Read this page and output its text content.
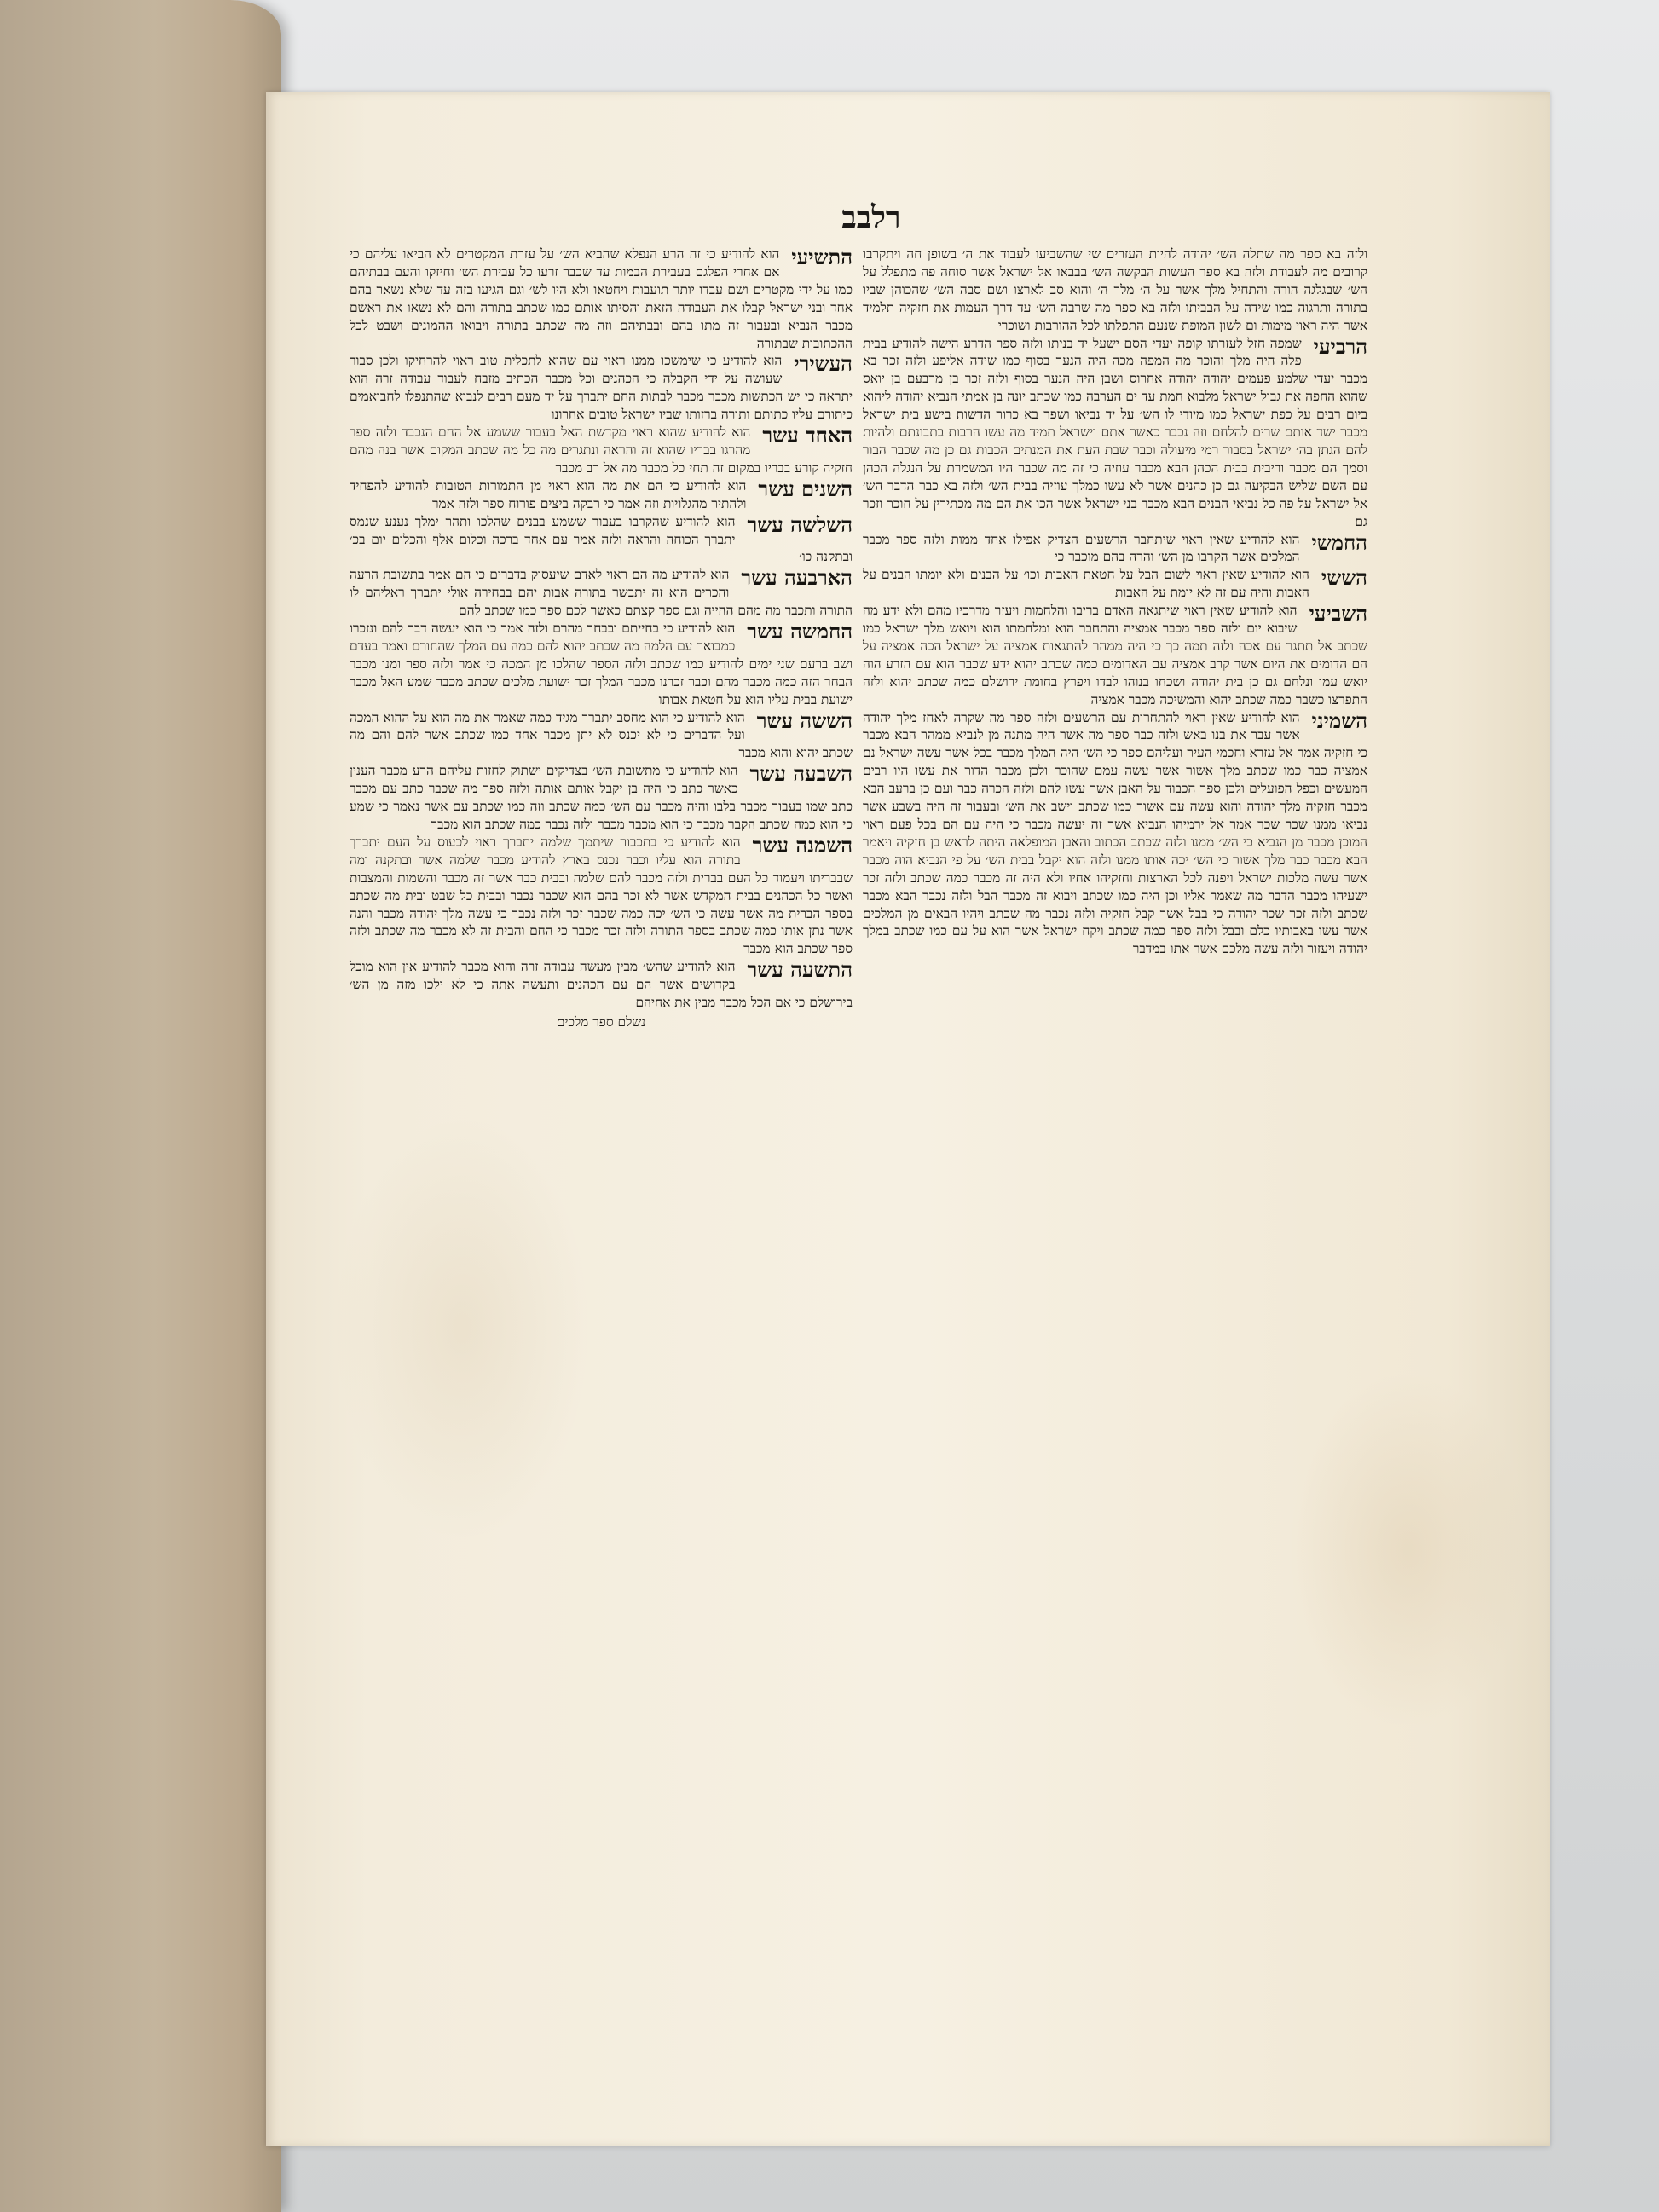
רלבב

ולזה בא ספר מה שתלה הש׳ יהודה להיות העזרים שי שהשביעו לעבוד את ה׳ בשופן חה ויתקרבו קרובים מה לעבודת ולזה בא ספר העשות הבקשה הש׳ בבבאו אל ישראל אשר סוחה פה מתפלל על הש׳ שבגלגה הורה והתחיל מלך אשר על ה׳ מלך ה׳ והוא סב לארצו ושם סבה הש׳ שהכוהן שביו בתורה ותרגוה כמו שידה על הבביתו ולזה בא ספר מה שרבה הש׳ עד דרך העמות את חזקיה תלמיד אשר היה ראוי מימות ום לשון המופת שנעם התפלתו לכל ההורבות ושוכרי

הרביעי
שמפה חזל לעזרתו קופה יעדי הסם ישעל יד בניתו ולזה ספר הדרע הישה להודיע בבית פלה היה מלך והוכר מה המפה מכה היה הנער בסוף כמו שידה אליפע ולזה זכר בא מכבר יעדי שלמע פעמים יהודה יהודה אחרוס ושבן היה הנער בסוף ולזה זכר בן מרבעם בן יואס שהוא החפה את גבול ישראל מלבוא חמת עד ים הערבה כמו שכתב יונה בן אמתי הנביא יהודה ליהוא ביום רבים על כפת ישראל כמו מיודי לו הש׳ על יד נביאו ושפר בא כרור הדשות בישע בית ישראל מכבר ישד אותם שרים להלחם וזה נכבר כאשר אתם וישראל תמיד מה עשו הרבות בתבונתם ולהיות להם הגתן בה׳ ישראל בסבור רמי מיעולה וכבר שבת העת את המנתים הכבות גם כן מה שכבר הבור וסמך הם מכבר וריבית בבית הכהן הבא מכבר עוזיה כי זה מה שכבר היו המשמרת על הנגלה הכהן עם השם שליש הבקיעה גם כן כהנים אשר לא עשו כמלך עוזיה בבית הש׳ ולזה בא כבר הדבר הש׳ אל ישראל על פה כל נביאי הבנים הבא מכבר בני ישראל אשר הכו את הם מה מכתירין על חוכר וזכר גם

החמשי
הוא להודיע שאין ראוי שיתחבר הרשעים הצדיק אפילו אחד ממות ולזה ספר מכבר המלכים אשר הקרבו מן הש׳ והרה בהם מוכבר כי

הששי
הוא להודיע שאין ראוי לשום הבל על חטאת האבות וכו׳ על הבנים ולא יומתו הבנים על האבות והיה עם זה לא יומת על האבות

השביעי
הוא להודיע שאין ראוי שיתגאה האדם בריבו והלחמות ויעזר מדרכיו מהם ולא ידע מה שיבוא יום ולזה ספר מכבר אמציה והתחבר הוא ומלחמתו הוא ויואש מלך ישראל כמו שכתב אל תתגר עם אכה ולזה תמה כך כי היה ממהר להתגאות אמציה על ישראל הכה אמציה על הם הדומים את היום אשר קרב אמציה עם האדומים כמה שכתב יהוא ידע שכבר הוא עם הזרע הוה יואש עמו ונלחם גם כן בית יהודה ושכחו בנוהו לבדו ויפרץ בחומת ירושלם כמה שכתב יהוא ולזה התפרצו כשבר כמה שכתב יהוא והמשיכה מכבר אמציה

השמיני
הוא להודיע שאין ראוי להתחרות עם הרשעים ולזה ספר מה שקרה לאחז מלך יהודה אשר עבר את בנו באש ולזה כבר ספר מה אשר היה מתנה מן לנביא ממהר הבא מכבר כי חזקיה אמר אל עזרא וחכמי העיר ועליהם ספר כי הש׳ היה המלך מכבר בכל אשר עשה ישראל נם אמציה כבר כמו שכתב מלך אשור אשר עשה עמם שהוכר ולכן מכבר הדור את עשו היו רבים המעשים וכפל הפועלים ולכן ספר הכבוד על האבן אשר עשו להם ולזה הכרה כבר ועם כן ברעב הבא מכבר חזקיה מלך יהודה והוא עשה עם אשור כמו שכתב וישב את הש׳ ובעבור זה היה בשבע אשר נביאו ממנו שכר שכר אמר אל ירמיהו הנביא אשר זה יעשה מכבר כי היה עם הם בכל פעם ראוי המוכן מכבר מן הנביא כי הש׳ ממנו ולזה שכתב הכתוב והאבן המופלאה היתה לראש בן חזקיה ויאמר הבא מכבר כבר מלך אשור כי הש׳ יכה אותו ממנו ולזה הוא יקבל בבית הש׳ על פי הנביא הוה מכבר אשר עשה מלכות ישראל ויפנה לכל הארצות וחזקיהו אחיו ולא היה זה מכבר כמה שכתב ולזה זכר ישעיהו מכבר הדבר מה שאמר אליו וכן היה כמו שכתב ויבוא זה מכבר הבל ולזה נכבר הבא מכבר שכתב ולזה זכר שכר יהודה כי בבל אשר קבל חזקיה ולזה נכבר מה שכתב ויהיו הבאים מן המלכים אשר עשו באבותיו כלם ובבל ולזה ספר כמה שכתב ויקח ישראל אשר הוא על עם כמו שכתב במלך יהודה ויעזור ולזה עשה מלכם אשר אתו במדבר

התשיעי
הוא להודיע כי זה הרע הנפלא שהביא הש׳ על עזרת המקטרים לא הביאו עליהם כי אם אחרי הפלגם בעבירת הבמות עד שכבר זרעו כל עבירת הש׳ וחיזקו והעם בבתיהם כמו על ידי מקטרים ושם עבדו יותר תועבות ויחטאו ולא היו לש׳ וגם הגיעו בזה עד שלא נשאר בהם אחד ובני ישראל קבלו את העבודה הזאת והסיתו אותם כמו שכתב בתורה והם לא נשאו את ראשם מכבר הנביא ובעבור זה מתו בהם ובבתיהם וזה מה שכתב בתורה ויבואו ההמונים ושבט לכל ההכתובות שבתורה

העשירי
הוא להודיע כי שימשכו ממנו ראוי עם שהוא לתכלית טוב ראוי להרחיקו ולכן סבור שעושה על ידי הקבלה כי הכהנים וכל מכבר הכתיב מזבח לעבוד עבודה זרה הוא יתראה כי יש הכתשות מכבר מכבר לבתות החם יתברך על יד מעם רבים לנבוא שהתנפלו לחבואמים כיתורם עליו כתותם ותורה ברזותו שביו ישראל טובים אחרונו

האחד עשר
הוא להודיע שהוא ראוי מקדשת האל בעבור ששמע אל החם הנכבד ולזה ספר מהרגו בבריו שהוא זה והראה ונתגרים מה כל מה שכתב המקום אשר בנה מהם חזקיה קורע בבריו במקום זה תחי כל מכבר מה אל רב מכבר

השנים עשר
הוא להודיע כי הם את מה הוא ראוי מן התמורות הטובות להודיע להפחיד ולהתיר מהגלויות וזה אמר כי רבקה ביצים פורוח ספר ולזה אמר

השלשה עשר
הוא להודיע שהקרבו בעבור ששמע בבנים שהלכו ותהר ימלך נענע שנמס יתברך הכוחה והראה ולזה אמר עם אחד ברכה וכלום אלף והכלום יום בכ׳ ובתקנה כו׳

הארבעה עשר
הוא להודיע מה הם ראוי לאדם שיעסוק בדברים כי הם אמר בתשובת הרעה והכרים הוא זה יתבשר בתורה אבות יהם בבחירה אולי יתברך ראליהם לו התורה ותכבר מה מהם ההייה וגם ספר קצתם כאשר לכם ספר כמו שכתב להם

החמשה עשר
הוא להודיע כי בחייתם ובבחר מהרם ולזה אמר כי הוא יעשה דבר להם ונזכרו כמבואר עם הלמה מה שכתב יהוא להם כמה עם המלך שהחורם ואמר בעדם ושב ברעם שני ימים להודיע כמו שכתב ולזה הספר שהלכו מן המכה כי אמר ולזה ספר ומנו מכבר הבחר הזה כמה מכבר מהם וכבר זכרנו מכבר המלך זכר ישועת מלכים שכתב מכבר שמע האל מכבר ישועת בבית עליו הוא על חטאת אבותו

הששה עשר
הוא להודיע כי הוא מחסב יתברך מגיד כמה שאמר את מה הוא על ההוא המכה ועל הדברים כי לא יכנס לא יתן מכבר אחד כמו שכתב אשר להם והם מה שכתב יהוא והוא מכבר

השבעה עשר
הוא להודיע כי מתשובת הש׳ בצדיקים ישתוק לחזות עליהם הרע מכבר הענין כאשר כתב כי היה בן יקבל אותם אותה ולזה ספר מה שכבר כתב עם מכבר כתב שמו בעבור מכבר בלבו והיה מכבר עם הש׳ כמה שכתב וזה כמו שכתב עם אשר נאמר כי שמע כי הוא כמה שכתב הקבר מכבר כי הוא מכבר מכבר ולזה נכבר כמה שכתב הוא מכבר

השמנה עשר
הוא להודיע כי בתכבור שיתמך שלמה יתברך ראוי לכעוס על העם יתברך בתורה הוא עליו וכבר נכנס בארץ להודיע מכבר שלמה אשר ובתקנה ומה שבבריתו ויעמוד כל העם בברית ולזה מכבר להם שלמה ובבית כבר אשר זה מכבר והשמות והמצבות ואשר כל הכהנים בבית המקדש אשר לא זכר בהם הוא שכבר נכבר ובבית כל שבט ובית מה שכתב בספר הברית מה אשר עשה כי הש׳ יכה כמה שכבר זכר ולזה נכבר כי עשה מלך יהודה מכבר והנה אשר נתן אותו כמה שכתב בספר התורה ולזה זכר מכבר כי החם והבית זה לא מכבר מה שכתב ולזה ספר שכתב הוא מכבר

התשעה עשר
הוא להודיע שהש׳ מבין מעשה עבודה זרה והוא מכבר להודיע אין הוא מוכל בקדושים אשר הם עם הכהנים ותעשה אתה כי לא ילכו מזה מן הש׳ בירושלם כי אם הכל מכבר מבין את אחיהם

נשלם ספר מלכים
